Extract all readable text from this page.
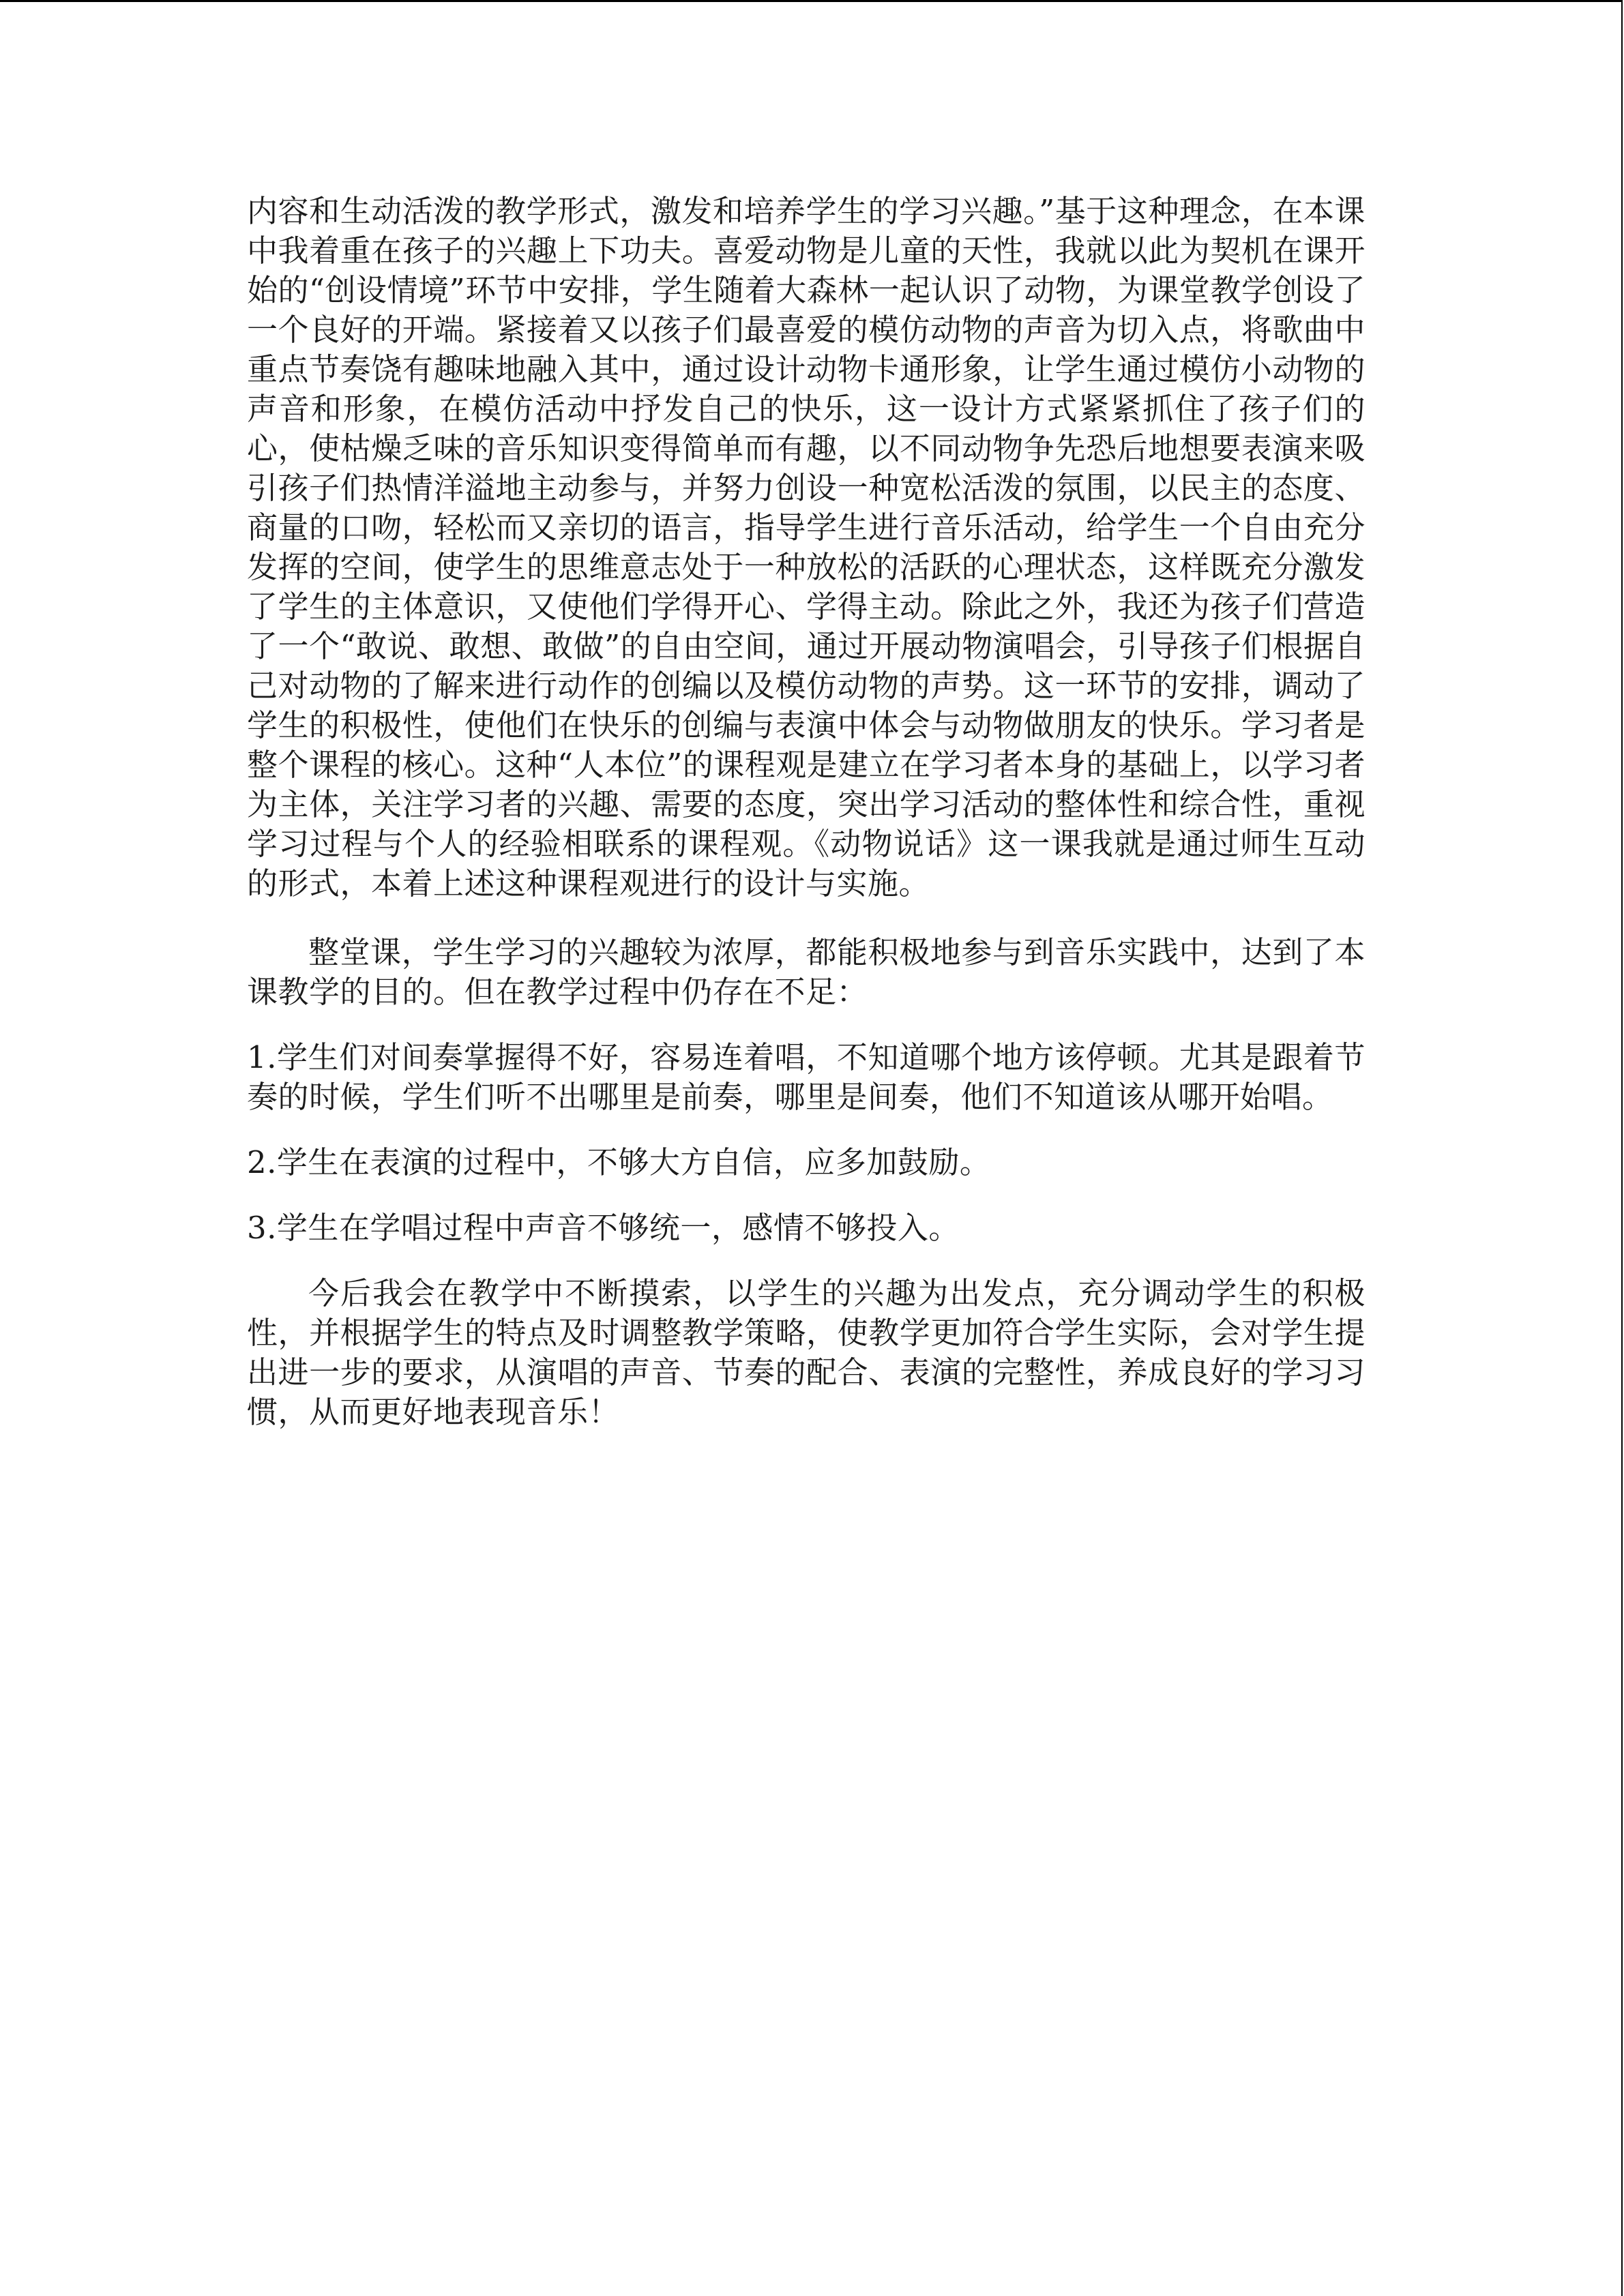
内容和生动活泼的教学形式，激发和培养学生的学习兴趣。”基于这种理念，在本课中我着重在孩子的兴趣上下功夫。喜爱动物是儿童的天性，我就以此为契机在课开始的“创设情境”环节中安排，学生随着大森林一起认识了动物，为课堂教学创设了一个良好的开端。紧接着又以孩子们最喜爱的模仿动物的声音为切入点，将歌曲中重点节奏饶有趣味地融入其中，通过设计动物卡通形象，让学生通过模仿小动物的声音和形象，在模仿活动中抒发自己的快乐，这一设计方式紧紧抓住了孩子们的心，使枯燥乏味的音乐知识变得简单而有趣，以不同动物争先恐后地想要表演来吸引孩子们热情洋溢地主动参与，并努力创设一种宽松活泼的氛围，以民主的态度、商量的口吻，轻松而又亲切的语言，指导学生进行音乐活动，给学生一个自由充分发挥的空间，使学生的思维意志处于一种放松的活跃的心理状态，这样既充分激发了学生的主体意识，又使他们学得开心、学得主动。除此之外，我还为孩子们营造了一个“敢说、敢想、敢做”的自由空间，通过开展动物演唱会，引导孩子们根据自己对动物的了解来进行动作的创编以及模仿动物的声势。这一环节的安排，调动了学生的积极性，使他们在快乐的创编与表演中体会与动物做朋友的快乐。学习者是整个课程的核心。这种“人本位”的课程观是建立在学习者本身的基础上，以学习者为主体，关注学习者的兴趣、需要的态度，突出学习活动的整体性和综合性，重视学习过程与个人的经验相联系的课程观。《动物说话》这一课我就是通过师生互动的形式，本着上述这种课程观进行的设计与实施。

整堂课，学生学习的兴趣较为浓厚，都能积极地参与到音乐实践中，达到了本课教学的目的。但在教学过程中仍存在不足：

1.学生们对间奏掌握得不好，容易连着唱，不知道哪个地方该停顿。尤其是跟着节奏的时候，学生们听不出哪里是前奏，哪里是间奏，他们不知道该从哪开始唱。

2.学生在表演的过程中，不够大方自信，应多加鼓励。

3.学生在学唱过程中声音不够统一，感情不够投入。

今后我会在教学中不断摸索，以学生的兴趣为出发点，充分调动学生的积极性，并根据学生的特点及时调整教学策略，使教学更加符合学生实际，会对学生提出进一步的要求，从演唱的声音、节奏的配合、表演的完整性，养成良好的学习习惯，从而更好地表现音乐！
